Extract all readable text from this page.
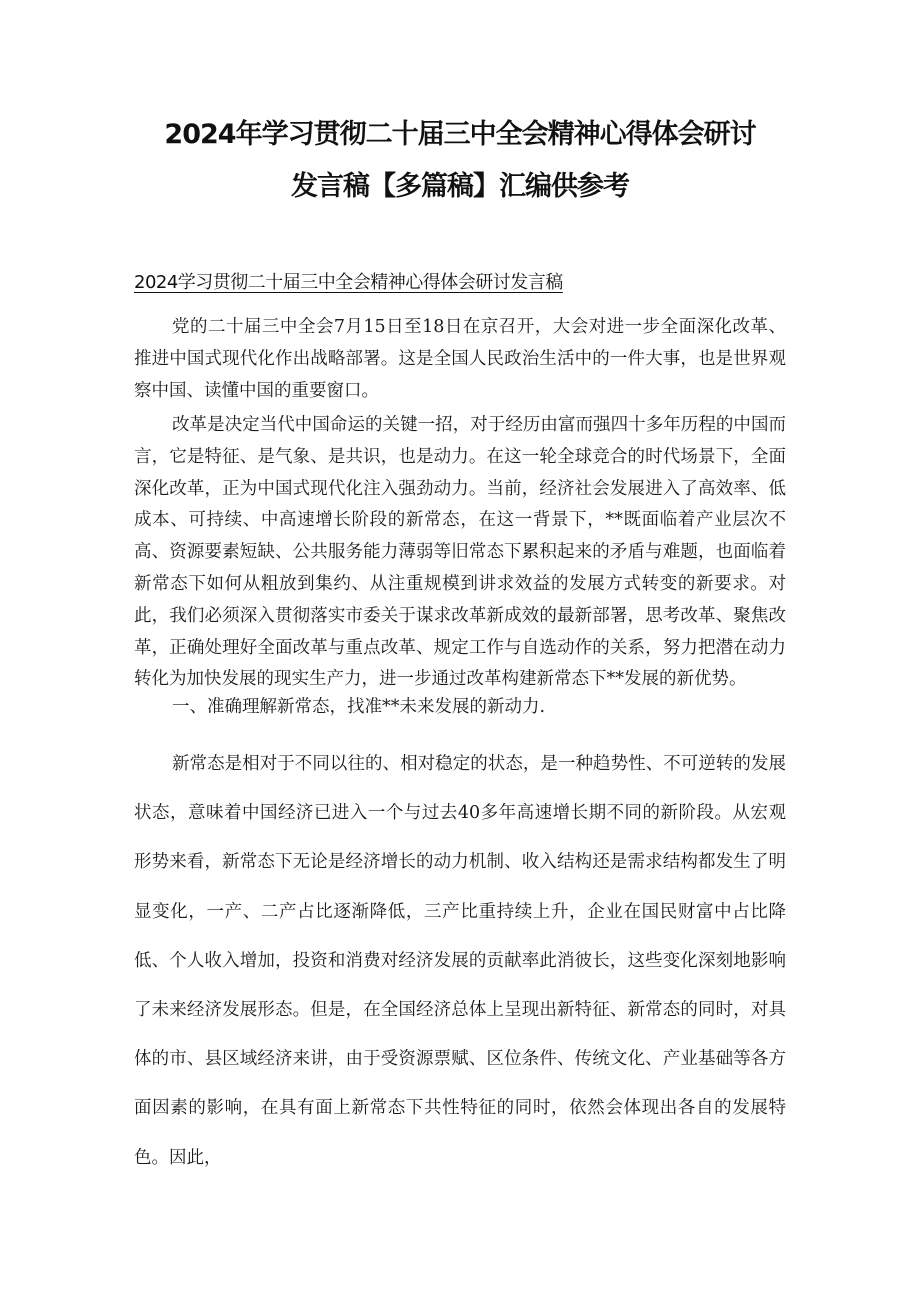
2024年学习贯彻二十届三中全会精神心得体会研讨
发言稿【多篇稿】汇编供参考
2024学习贯彻二十届三中全会精神心得体会研讨发言稿

党的二十届三中全会7月15日至18日在京召开，大会对进一步全面深化改革、推进中国式现代化作出战略部署。这是全国人民政治生活中的一件大事，也是世界观察中国、读懂中国的重要窗口。

改革是决定当代中国命运的关键一招，对于经历由富而强四十多年历程的中国而言，它是特征、是气象、是共识，也是动力。在这一轮全球竞合的时代场景下，全面深化改革，正为中国式现代化注入强劲动力。当前，经济社会发展进入了高效率、低成本、可持续、中高速增长阶段的新常态，在这一背景下，**既面临着产业层次不高、资源要素短缺、公共服务能力薄弱等旧常态下累积起来的矛盾与难题，也面临着新常态下如何从粗放到集约、从注重规模到讲求效益的发展方式转变的新要求。对此，我们必须深入贯彻落实市委关于谋求改革新成效的最新部署，思考改革、聚焦改革，正确处理好全面改革与重点改革、规定工作与自选动作的关系，努力把潜在动力转化为加快发展的现实生产力，进一步通过改革构建新常态下**发展的新优势。

一、准确理解新常态，找准**未来发展的新动力.

新常态是相对于不同以往的、相对稳定的状态，是一种趋势性、不可逆转的发展状态，意味着中国经济已进入一个与过去40多年高速增长期不同的新阶段。从宏观形势来看，新常态下无论是经济增长的动力机制、收入结构还是需求结构都发生了明显变化，一产、二产占比逐渐降低，三产比重持续上升，企业在国民财富中占比降低、个人收入增加，投资和消费对经济发展的贡献率此消彼长，这些变化深刻地影响了未来经济发展形态。但是，在全国经济总体上呈现出新特征、新常态的同时，对具体的市、县区域经济来讲，由于受资源票赋、区位条件、传统文化、产业基础等各方面因素的影响，在具有面上新常态下共性特征的同时，依然会体现出各自的发展特色。因此，
